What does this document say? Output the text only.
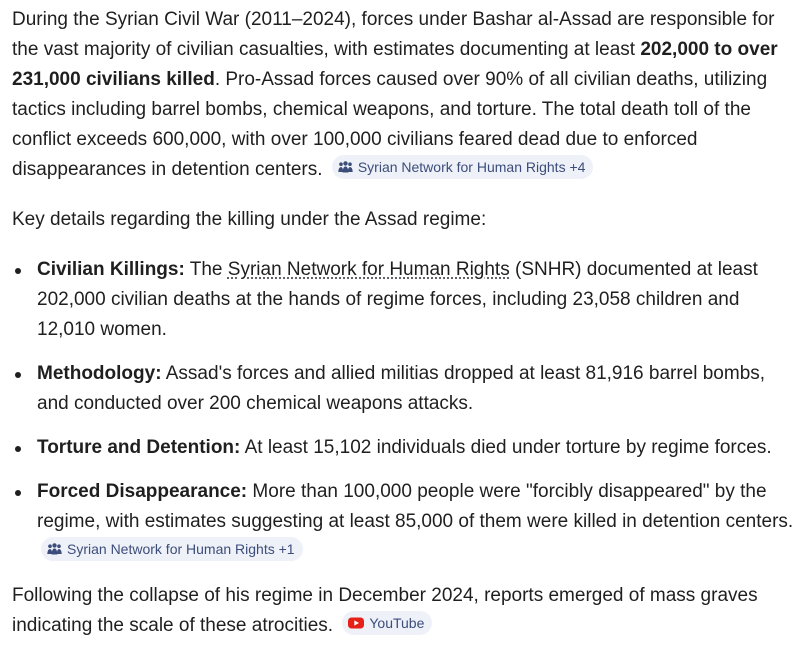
During the Syrian Civil War (2011–2024), forces under Bashar al-Assad are responsible for the vast majority of civilian casualties, with estimates documenting at least 202,000 to over 231,000 civilians killed. Pro-Assad forces caused over 90% of all civilian deaths, utilizing tactics including barrel bombs, chemical weapons, and torture. The total death toll of the conflict exceeds 600,000, with over 100,000 civilians feared dead due to enforced disappearances in detention centers.	Syrian Network for Human Rights +4

Key details regarding the killing under the Assad regime:

Civilian Killings: The Syrian Network for Human Rights (SNHR) documented at least 202,000 civilian deaths at the hands of regime forces, including 23,058 children and 12,010 women.
Methodology: Assad's forces and allied militias dropped at least 81,916 barrel bombs, and conducted over 200 chemical weapons attacks.
Torture and Detention: At least 15,102 individuals died under torture by regime forces.
Forced Disappearance: More than 100,000 people were "forcibly disappeared" by the regime, with estimates suggesting at least 85,000 of them were killed in detention centers.
Syrian Network for Human Rights +1

Following the collapse of his regime in December 2024, reports emerged of mass graves indicating the scale of these atrocities.	YouTube
